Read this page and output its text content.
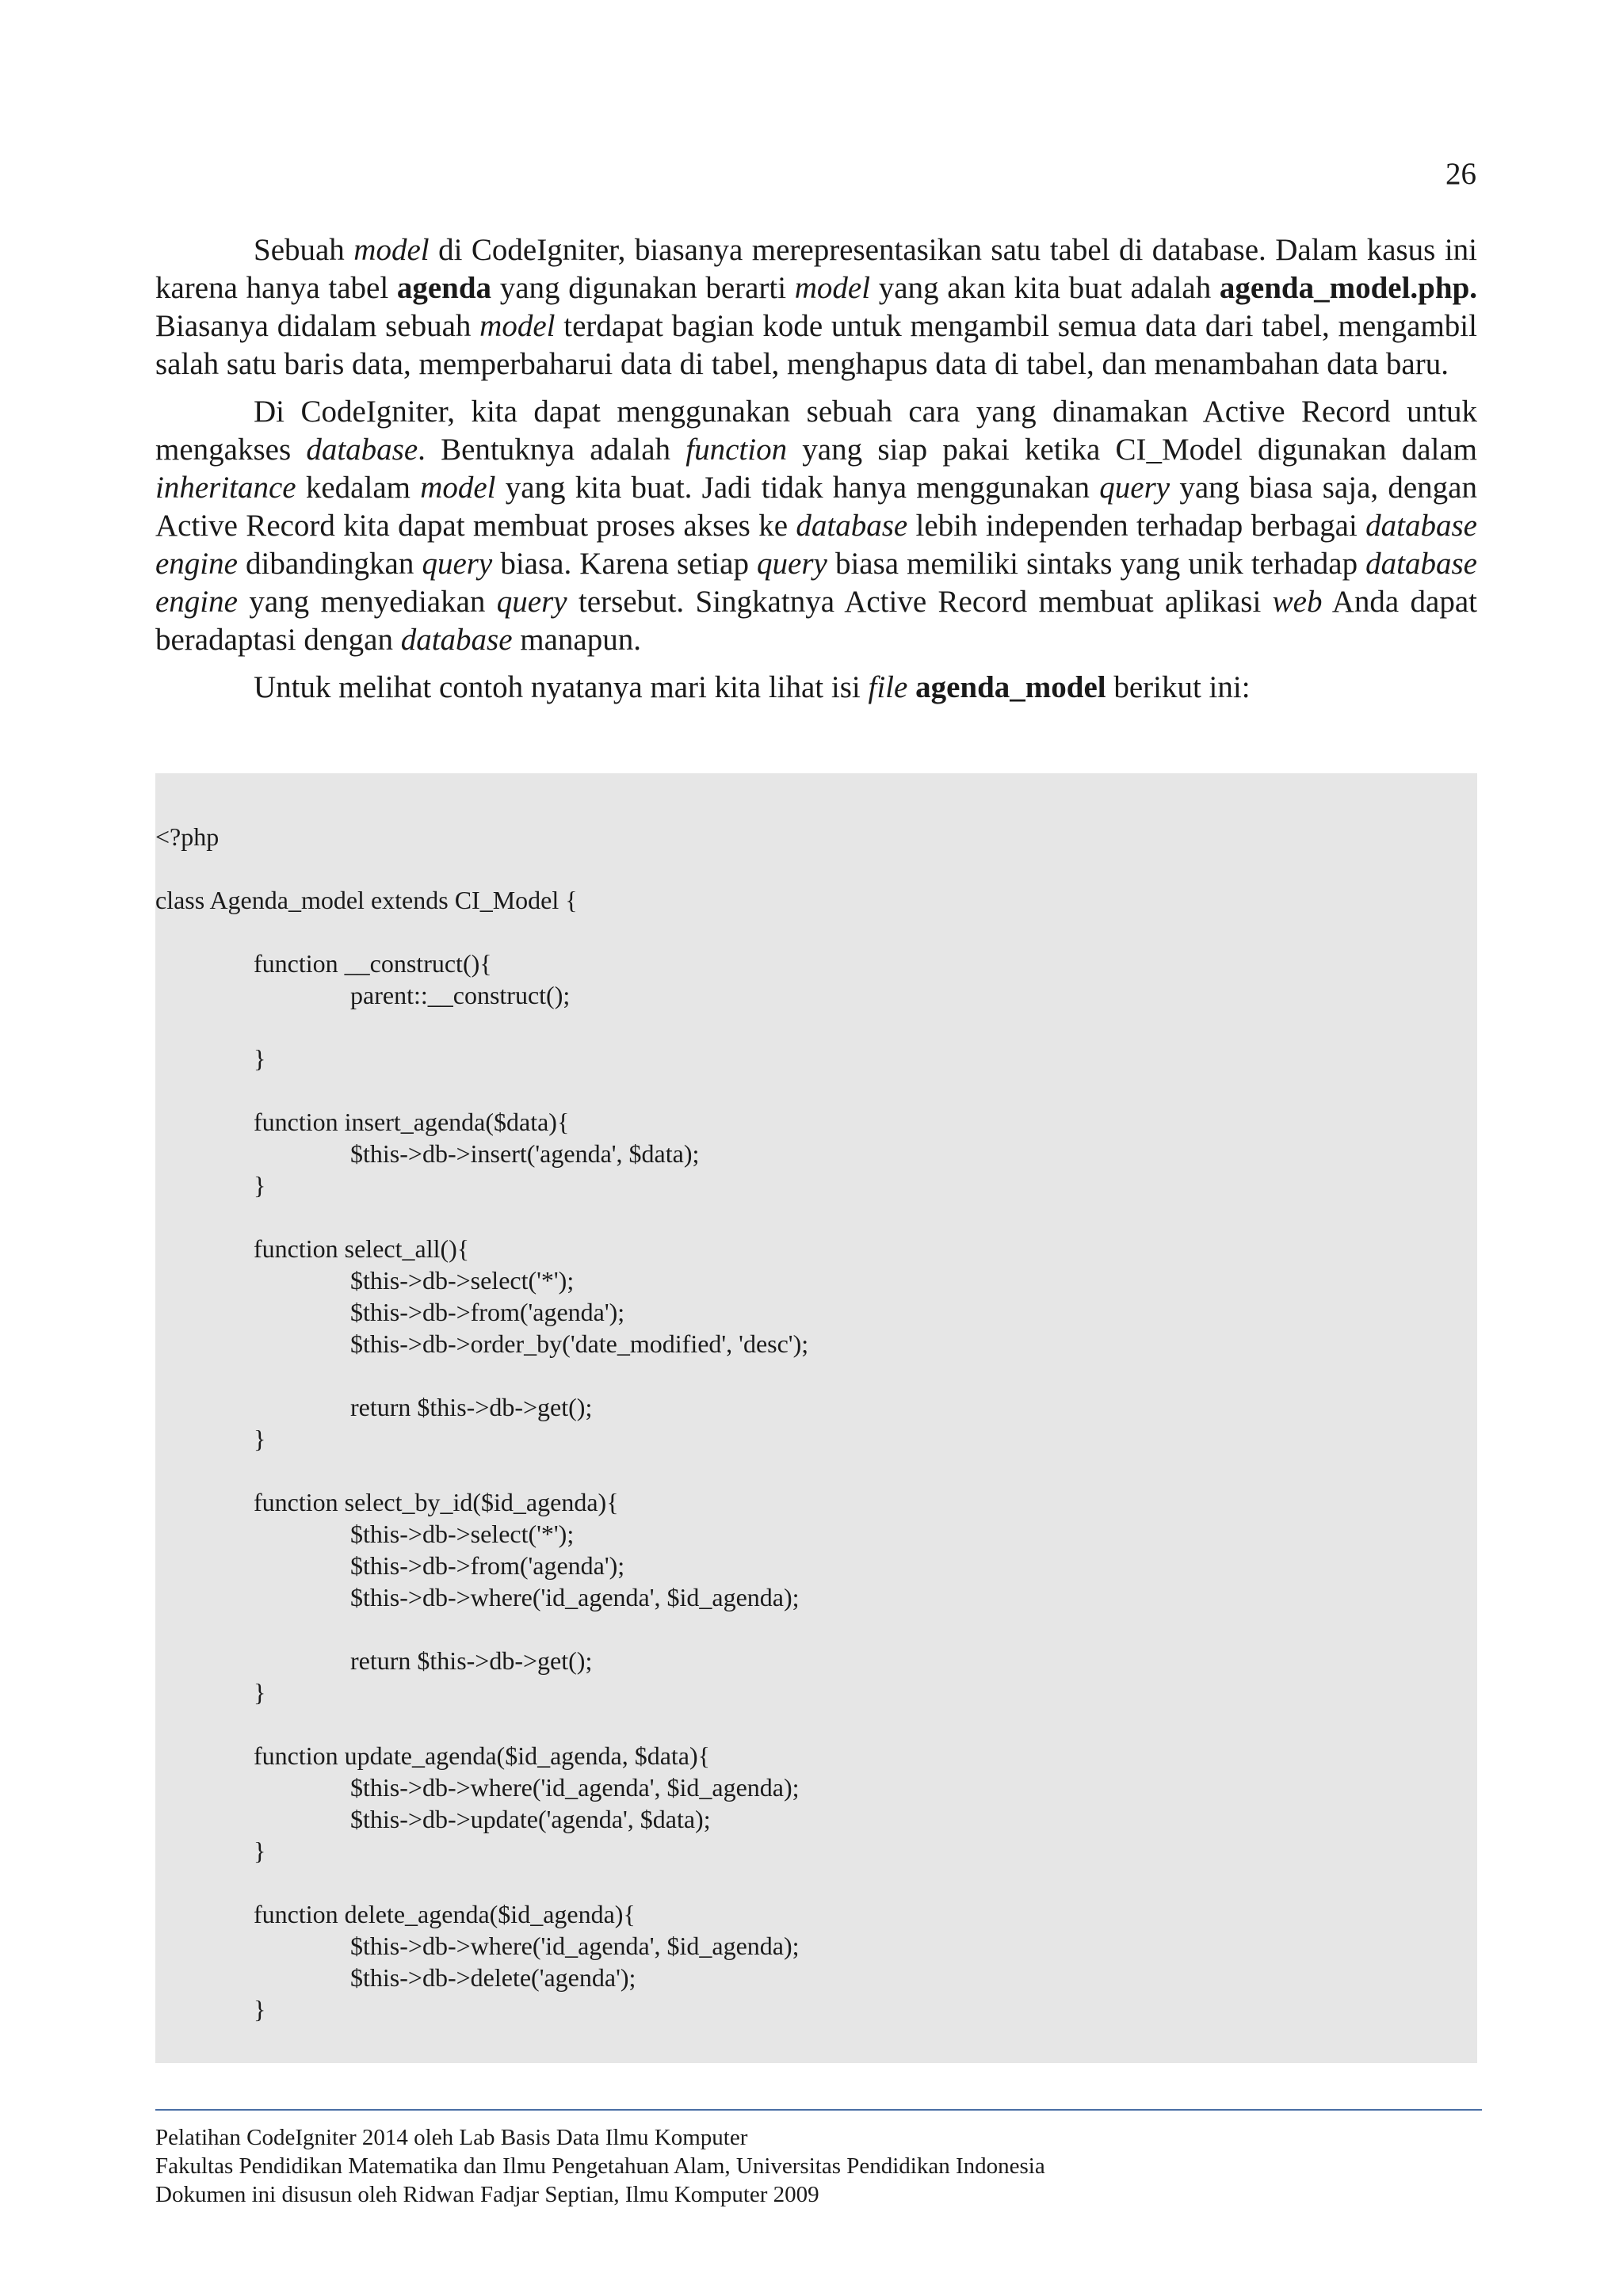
26

Sebuah model di CodeIgniter, biasanya merepresentasikan satu tabel di database. Dalam kasus ini karena hanya tabel agenda yang digunakan berarti model yang akan kita buat adalah agenda_model.php. Biasanya didalam sebuah model terdapat bagian kode untuk mengambil semua data dari tabel, mengambil salah satu baris data, memperbaharui data di tabel, menghapus data di tabel, dan menambahan data baru.

Di CodeIgniter, kita dapat menggunakan sebuah cara yang dinamakan Active Record untuk mengakses database. Bentuknya adalah function yang siap pakai ketika CI_Model digunakan dalam inheritance kedalam model yang kita buat. Jadi tidak hanya menggunakan query yang biasa saja, dengan Active Record kita dapat membuat proses akses ke database lebih independen terhadap berbagai database engine dibandingkan query biasa. Karena setiap query biasa memiliki sintaks yang unik terhadap database engine yang menyediakan query tersebut. Singkatnya Active Record membuat aplikasi web Anda dapat beradaptasi dengan database manapun.

Untuk melihat contoh nyatanya mari kita lihat isi file agenda_model berikut ini:

<?php
class Agenda_model extends CI_Model {
function __construct(){
parent::__construct();
}
function insert_agenda($data){
$this->db->insert('agenda', $data);
}
function select_all(){
$this->db->select('*');
$this->db->from('agenda');
$this->db->order_by('date_modified', 'desc');
return $this->db->get();
}
function select_by_id($id_agenda){
$this->db->select('*');
$this->db->from('agenda');
$this->db->where('id_agenda', $id_agenda);
return $this->db->get();
}
function update_agenda($id_agenda, $data){
$this->db->where('id_agenda', $id_agenda);
$this->db->update('agenda', $data);
}
function delete_agenda($id_agenda){
$this->db->where('id_agenda', $id_agenda);
$this->db->delete('agenda');
}
Pelatihan CodeIgniter 2014 oleh Lab Basis Data Ilmu Komputer
Fakultas Pendidikan Matematika dan Ilmu Pengetahuan Alam, Universitas Pendidikan Indonesia
Dokumen ini disusun oleh Ridwan Fadjar Septian, Ilmu Komputer 2009
